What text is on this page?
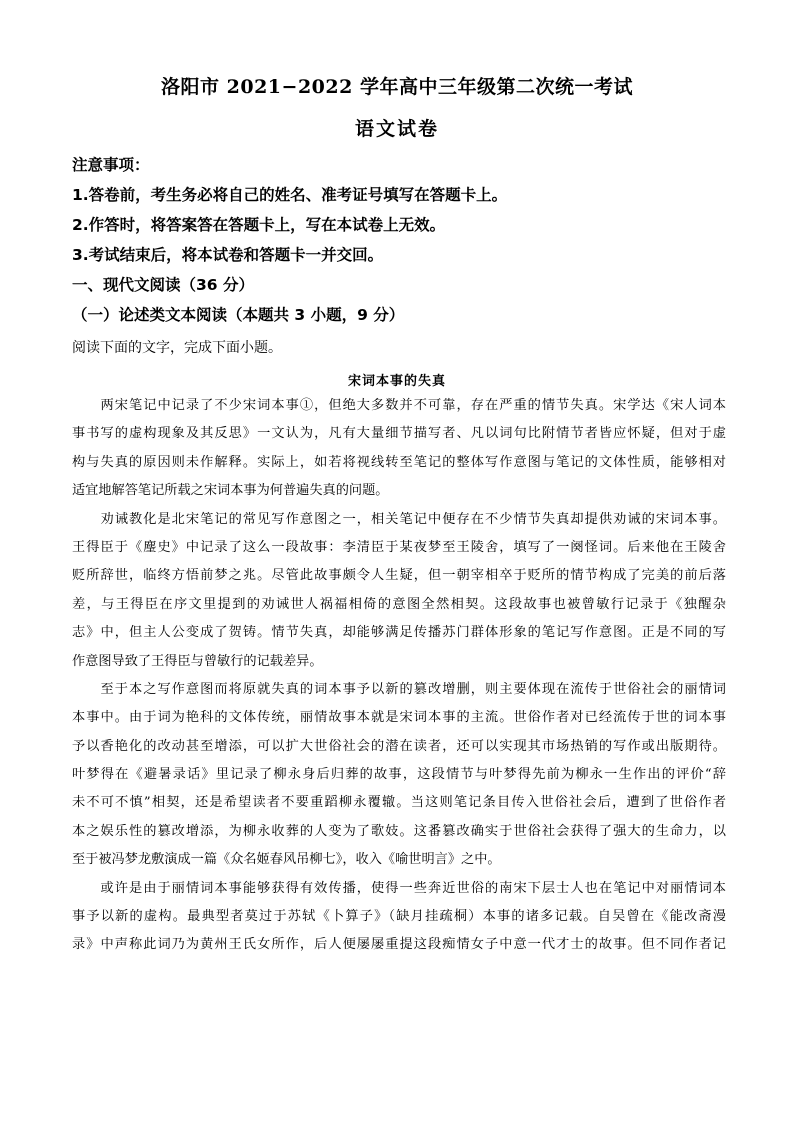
洛阳市 2021−2022 学年高中三年级第二次统一考试
语文试卷
注意事项：
1.答卷前，考生务必将自己的姓名、准考证号填写在答题卡上。
2.作答时，将答案答在答题卡上，写在本试卷上无效。
3.考试结束后，将本试卷和答题卡一并交回。
一、现代文阅读（36 分）
（一）论述类文本阅读（本题共 3 小题，9 分）
阅读下面的文字，完成下面小题。
宋词本事的失真
　　两宋笔记中记录了不少宋词本事①，但绝大多数并不可靠，存在严重的情节失真。宋学达《宋人词本
事书写的虚构现象及其反思》一文认为，凡有大量细节描写者、凡以词句比附情节者皆应怀疑，但对于虚
构与失真的原因则未作解释。实际上，如若将视线转至笔记的整体写作意图与笔记的文体性质，能够相对
适宜地解答笔记所载之宋词本事为何普遍失真的问题。
　　劝诫教化是北宋笔记的常见写作意图之一，相关笔记中便存在不少情节失真却提供劝诫的宋词本事。
王得臣于《麈史》中记录了这么一段故事：李清臣于某夜梦至王陵舍，填写了一阕怪词。后来他在王陵舍
贬所辞世，临终方悟前梦之兆。尽管此故事颇令人生疑，但一朝宰相卒于贬所的情节构成了完美的前后落
差，与王得臣在序文里提到的劝诫世人祸福相倚的意图全然相契。这段故事也被曾敏行记录于《独醒杂
志》中，但主人公变成了贺铸。情节失真，却能够满足传播苏门群体形象的笔记写作意图。正是不同的写
作意图导致了王得臣与曾敏行的记载差异。
　　至于本之写作意图而将原就失真的词本事予以新的篡改增删，则主要体现在流传于世俗社会的丽情词
本事中。由于词为艳科的文体传统，丽情故事本就是宋词本事的主流。世俗作者对已经流传于世的词本事
予以香艳化的改动甚至增添，可以扩大世俗社会的潜在读者，还可以实现其市场热销的写作或出版期待。
叶梦得在《避暑录话》里记录了柳永身后归葬的故事，这段情节与叶梦得先前为柳永一生作出的评价“辞
未不可不慎”相契，还是希望读者不要重蹈柳永覆辙。当这则笔记条目传入世俗社会后，遭到了世俗作者
本之娱乐性的篡改增添，为柳永收葬的人变为了歌妓。这番篡改确实于世俗社会获得了强大的生命力，以
至于被冯梦龙敷演成一篇《众名姬春风吊柳七》，收入《喻世明言》之中。
　　或许是由于丽情词本事能够获得有效传播，使得一些奔近世俗的南宋下层士人也在笔记中对丽情词本
事予以新的虚构。最典型者莫过于苏轼《卜算子》（缺月挂疏桐）本事的诸多记载。自吴曾在《能改斋漫
录》中声称此词乃为黄州王氏女所作，后人便屡屡重提这段痴情女子中意一代才士的故事。但不同作者记
